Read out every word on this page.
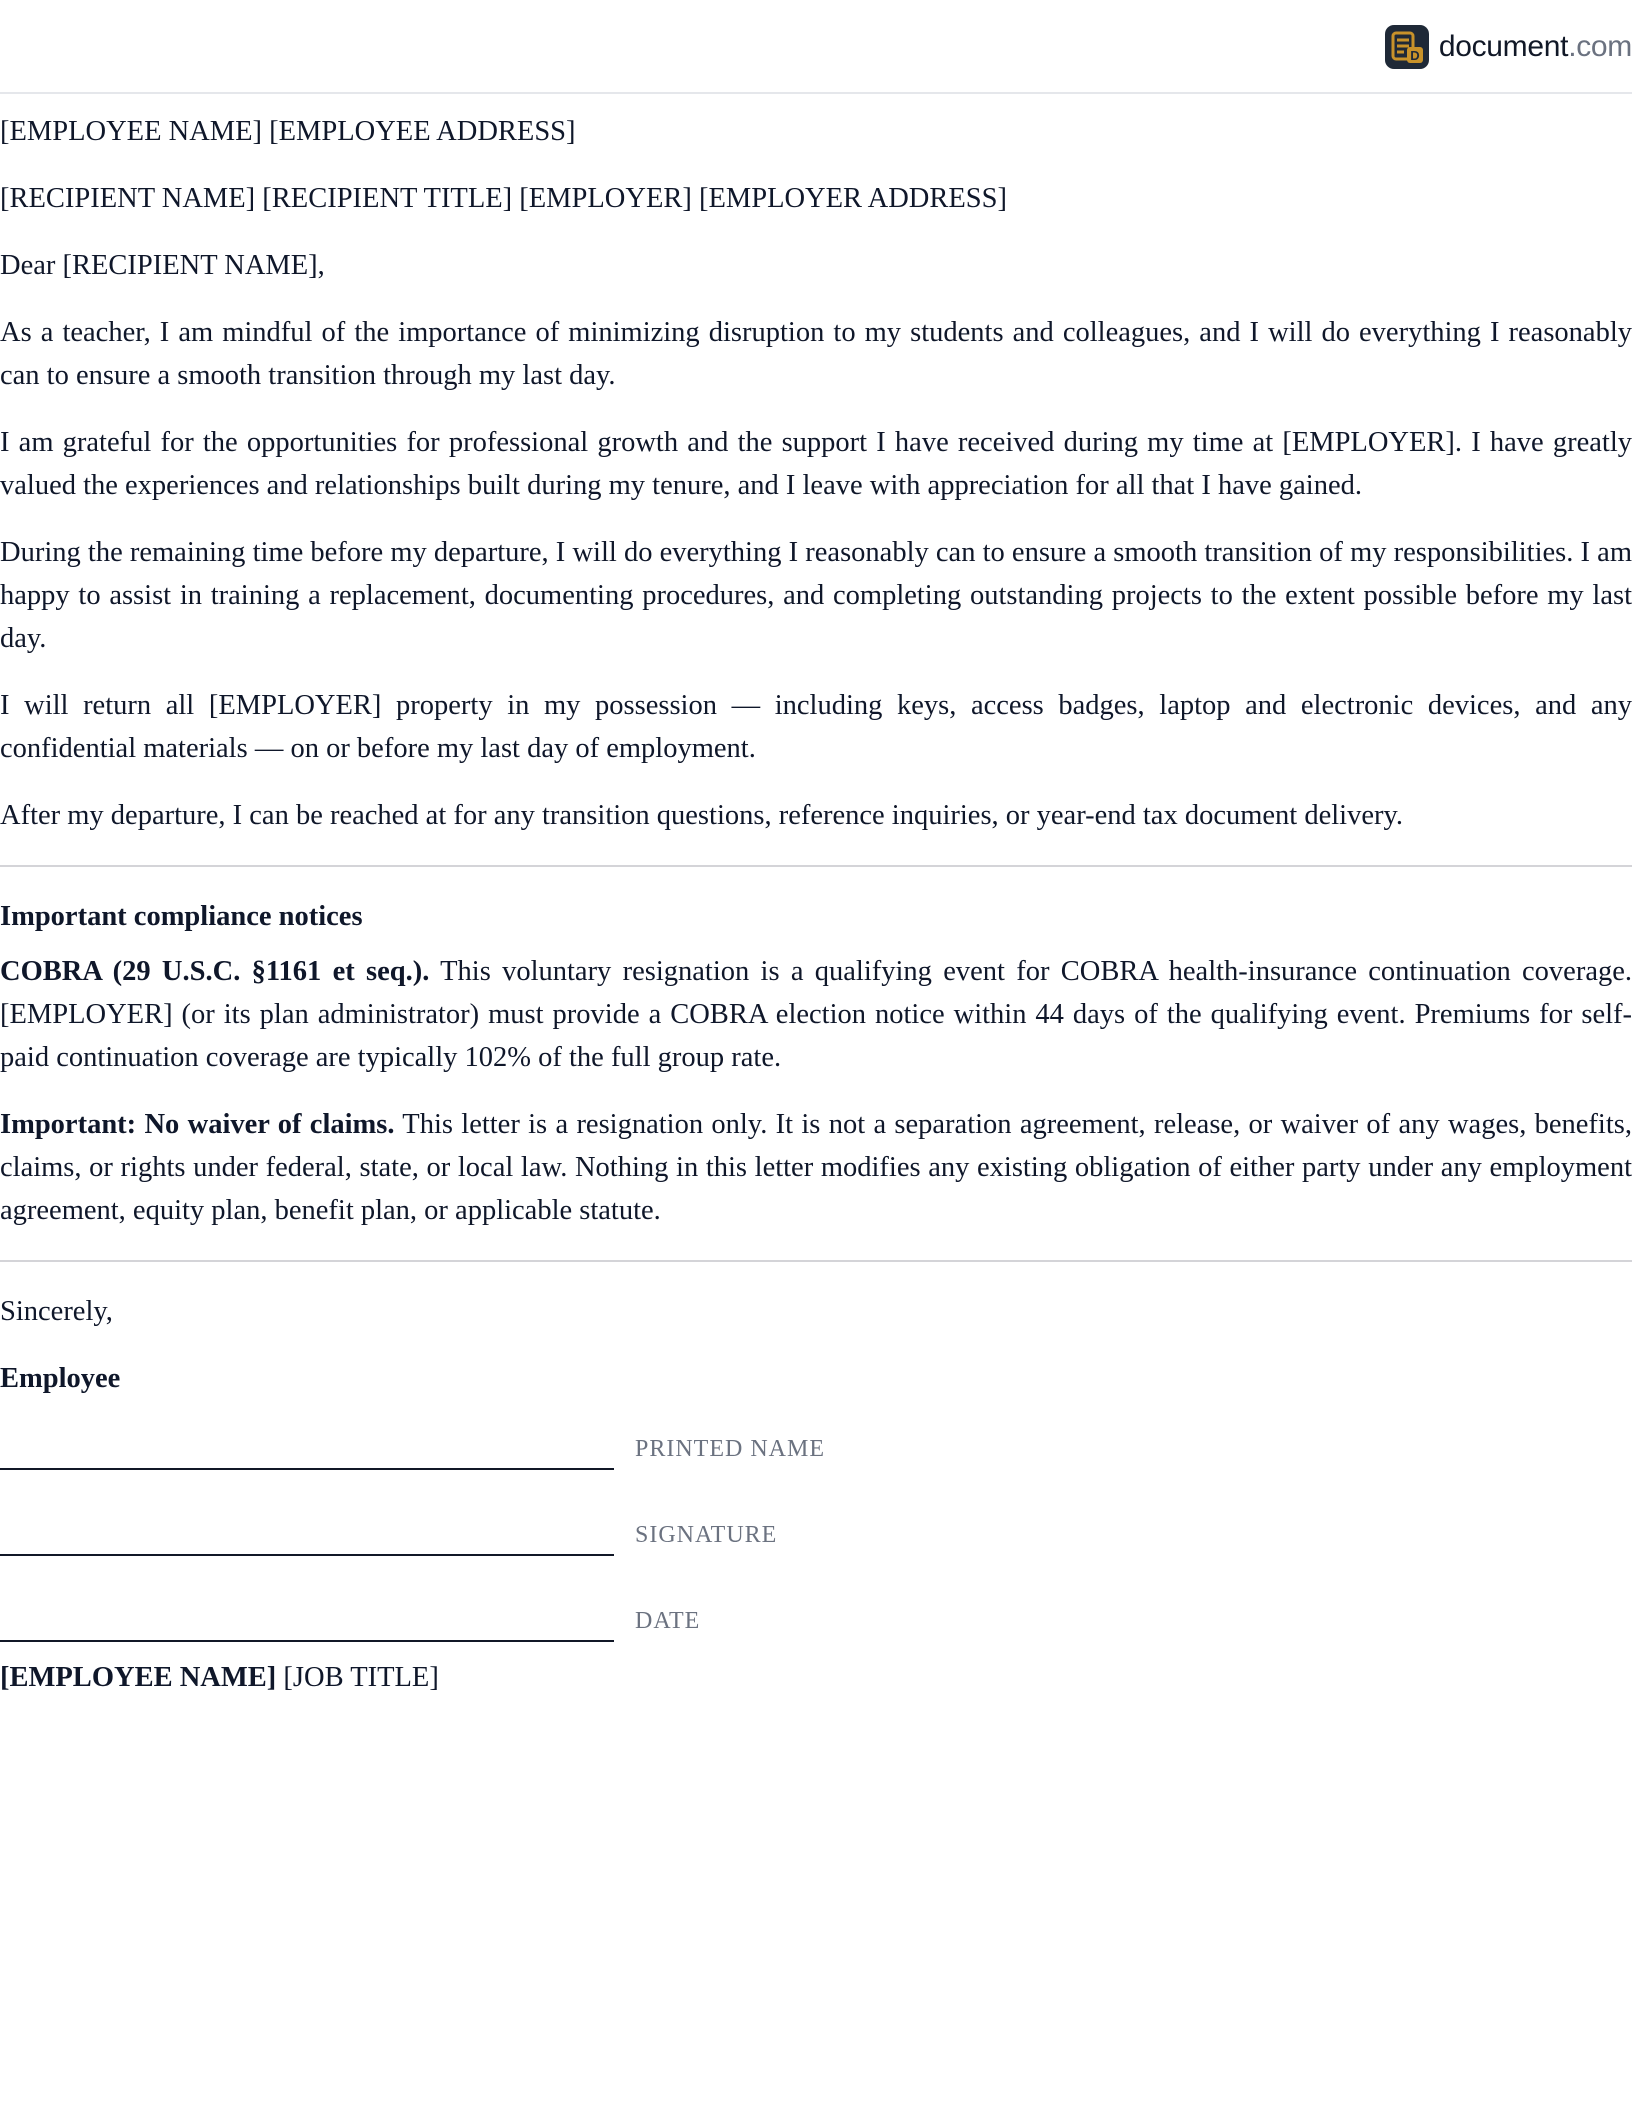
D document.com

[EMPLOYEE NAME] [EMPLOYEE ADDRESS]

[RECIPIENT NAME] [RECIPIENT TITLE] [EMPLOYER] [EMPLOYER ADDRESS]

Dear [RECIPIENT NAME],

As a teacher, I am mindful of the importance of minimizing disruption to my students and colleagues, and I will do everything I reasonably can to ensure a smooth transition through my last day.

I am grateful for the opportunities for professional growth and the support I have received during my time at [EMPLOYER]. I have greatly valued the experiences and relationships built during my tenure, and I leave with appreciation for all that I have gained.

During the remaining time before my departure, I will do everything I reasonably can to ensure a smooth transition of my responsibilities. I am happy to assist in training a replacement, documenting procedures, and completing outstanding projects to the extent possible before my last day.

I will return all [EMPLOYER] property in my possession — including keys, access badges, laptop and electronic devices, and any confidential materials — on or before my last day of employment.

After my departure, I can be reached at for any transition questions, reference inquiries, or year-end tax document delivery.

Important compliance notices

COBRA (29 U.S.C. §1161 et seq.). This voluntary resignation is a qualifying event for COBRA health-insurance continuation coverage. [EMPLOYER] (or its plan administrator) must provide a COBRA election notice within 44 days of the qualifying event. Premiums for self-paid continuation coverage are typically 102% of the full group rate.

Important: No waiver of claims. This letter is a resignation only. It is not a separation agreement, release, or waiver of any wages, benefits, claims, or rights under federal, state, or local law. Nothing in this letter modifies any existing obligation of either party under any employment agreement, equity plan, benefit plan, or applicable statute.

Sincerely,

Employee

PRINTED NAME
SIGNATURE
DATE

[EMPLOYEE NAME] [JOB TITLE]
